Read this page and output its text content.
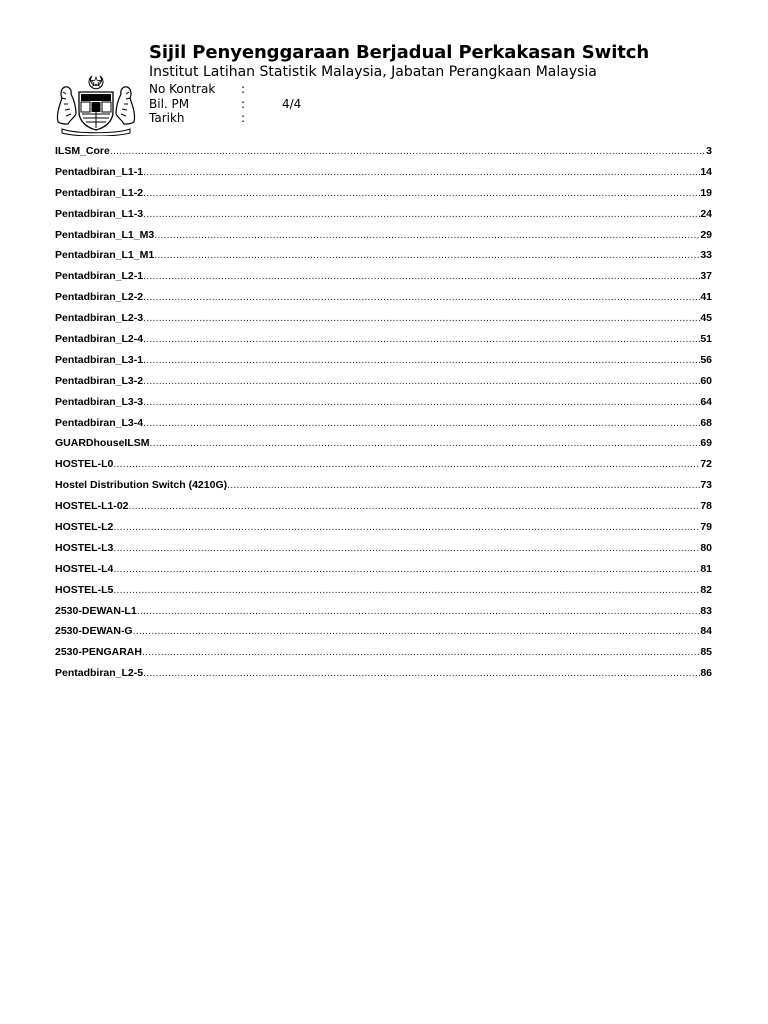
Sijil Penyenggaraan Berjadual Perkakasan Switch
Institut Latihan Statistik Malaysia, Jabatan Perangkaan Malaysia
No Kontrak :
Bil. PM	:	4/4
Tarikh	:
ILSM_Core .....	3
Pentadbiran_L1-1 .....	14
Pentadbiran_L1-2 .....	19
Pentadbiran_L1-3 .....	24
Pentadbiran_L1_M3 .....	29
Pentadbiran_L1_M1 .....	33
Pentadbiran_L2-1 .....	37
Pentadbiran_L2-2 .....	41
Pentadbiran_L2-3 .....	45
Pentadbiran_L2-4 .....	51
Pentadbiran_L3-1 .....	56
Pentadbiran_L3-2 .....	60
Pentadbiran_L3-3 .....	64
Pentadbiran_L3-4 .....	68
GUARDhouseILSM .....	69
HOSTEL-L0 .....	72
Hostel Distribution Switch (4210G) .....	73
HOSTEL-L1-02 .....	78
HOSTEL-L2 .....	79
HOSTEL-L3 .....	80
HOSTEL-L4 .....	81
HOSTEL-L5 .....	82
2530-DEWAN-L1 .....	83
2530-DEWAN-G .....	84
2530-PENGARAH .....	85
Pentadbiran_L2-5 .....	86
